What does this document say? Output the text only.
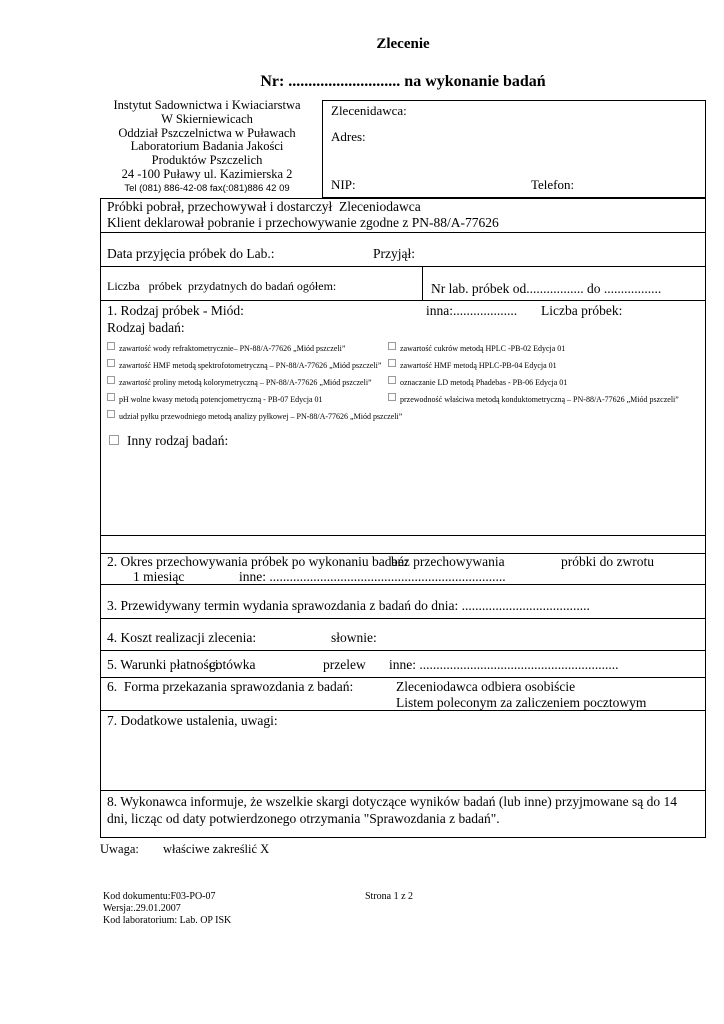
Zlecenie
Nr: ............................ na wykonanie badań
Instytut Sadownictwa i Kwiaciarstwa
W Skierniewicach
Oddział Pszczelnictwa w Puławach
Laboratorium Badania Jakości
Produktów Pszczelich
24 -100 Puławy ul. Kazimierska 2
Tel (081) 886-42-08 fax(:081)886 42 09
Zlecenidawca:
Adres:
NIP:	Telefon:
Próbki pobrał, przechowywał i dostarczył  Zleceniodawca
Klient deklarował pobranie i przechowywanie zgodne z PN-88/A-77626
Data przyjęcia próbek do Lab.:	Przyjął:
Liczba   próbek  przydatnych do badań ogółem:	Nr lab. próbek od................. do .................
1. Rodzaj próbek - Miód:	inna:................... Liczba próbek:
Rodzaj badań:
zawartość wody refraktometrycznie– PN-88/A-77626 „Miód pszczeli”
zawartość HMF metodą spektrofotometryczną – PN-88/A-77626 „Miód pszczeli”
zawartość proliny metodą kolorymetryczną – PN-88/A-77626 „Miód pszczeli”
pH wolne kwasy metodą potencjometryczną - PB-07 Edycja 01
udział pyłku przewodniego metodą analizy pyłkowej – PN-88/A-77626 „Miód pszczeli”
zawartość cukrów metodą HPLC -PB-02 Edycja 01
zawartość HMF metodą HPLC-PB-04 Edycja 01
oznaczanie LD metodą Phadebas - PB-06 Edycja 01
przewodność właściwa metodą konduktometryczną – PN-88/A-77626 „Miód pszczeli”
Inny rodzaj badań:
2. Okres przechowywania próbek po wykonaniu badań:
bez przechowywania	próbki do zwrotu
1 miesiąc	inne: ......................................................................
3. Przewidywany termin wydania sprawozdania z badań do dnia: ......................................
4. Koszt realizacji zlecenia:	słownie:
5. Warunki płatności:
gotówka	przelew inne: ...........................................................
6.  Forma przekazania sprawozdania z badań:	Zleceniodawca odbiera osobiście
Listem poleconym za zaliczeniem pocztowym
7. Dodatkowe ustalenia, uwagi:
8. Wykonawca informuje, że wszelkie skargi dotyczące wyników badań (lub inne) przyjmowane są do 14 dni, licząc od daty potwierdzonego otrzymania "Sprawozdania z badań".
Uwaga: właściwe zakreślić X
Kod dokumentu:F03-PO-07
Wersja:.29.01.2007
Kod laboratorium: Lab. OP ISK
Strona 1 z 2
